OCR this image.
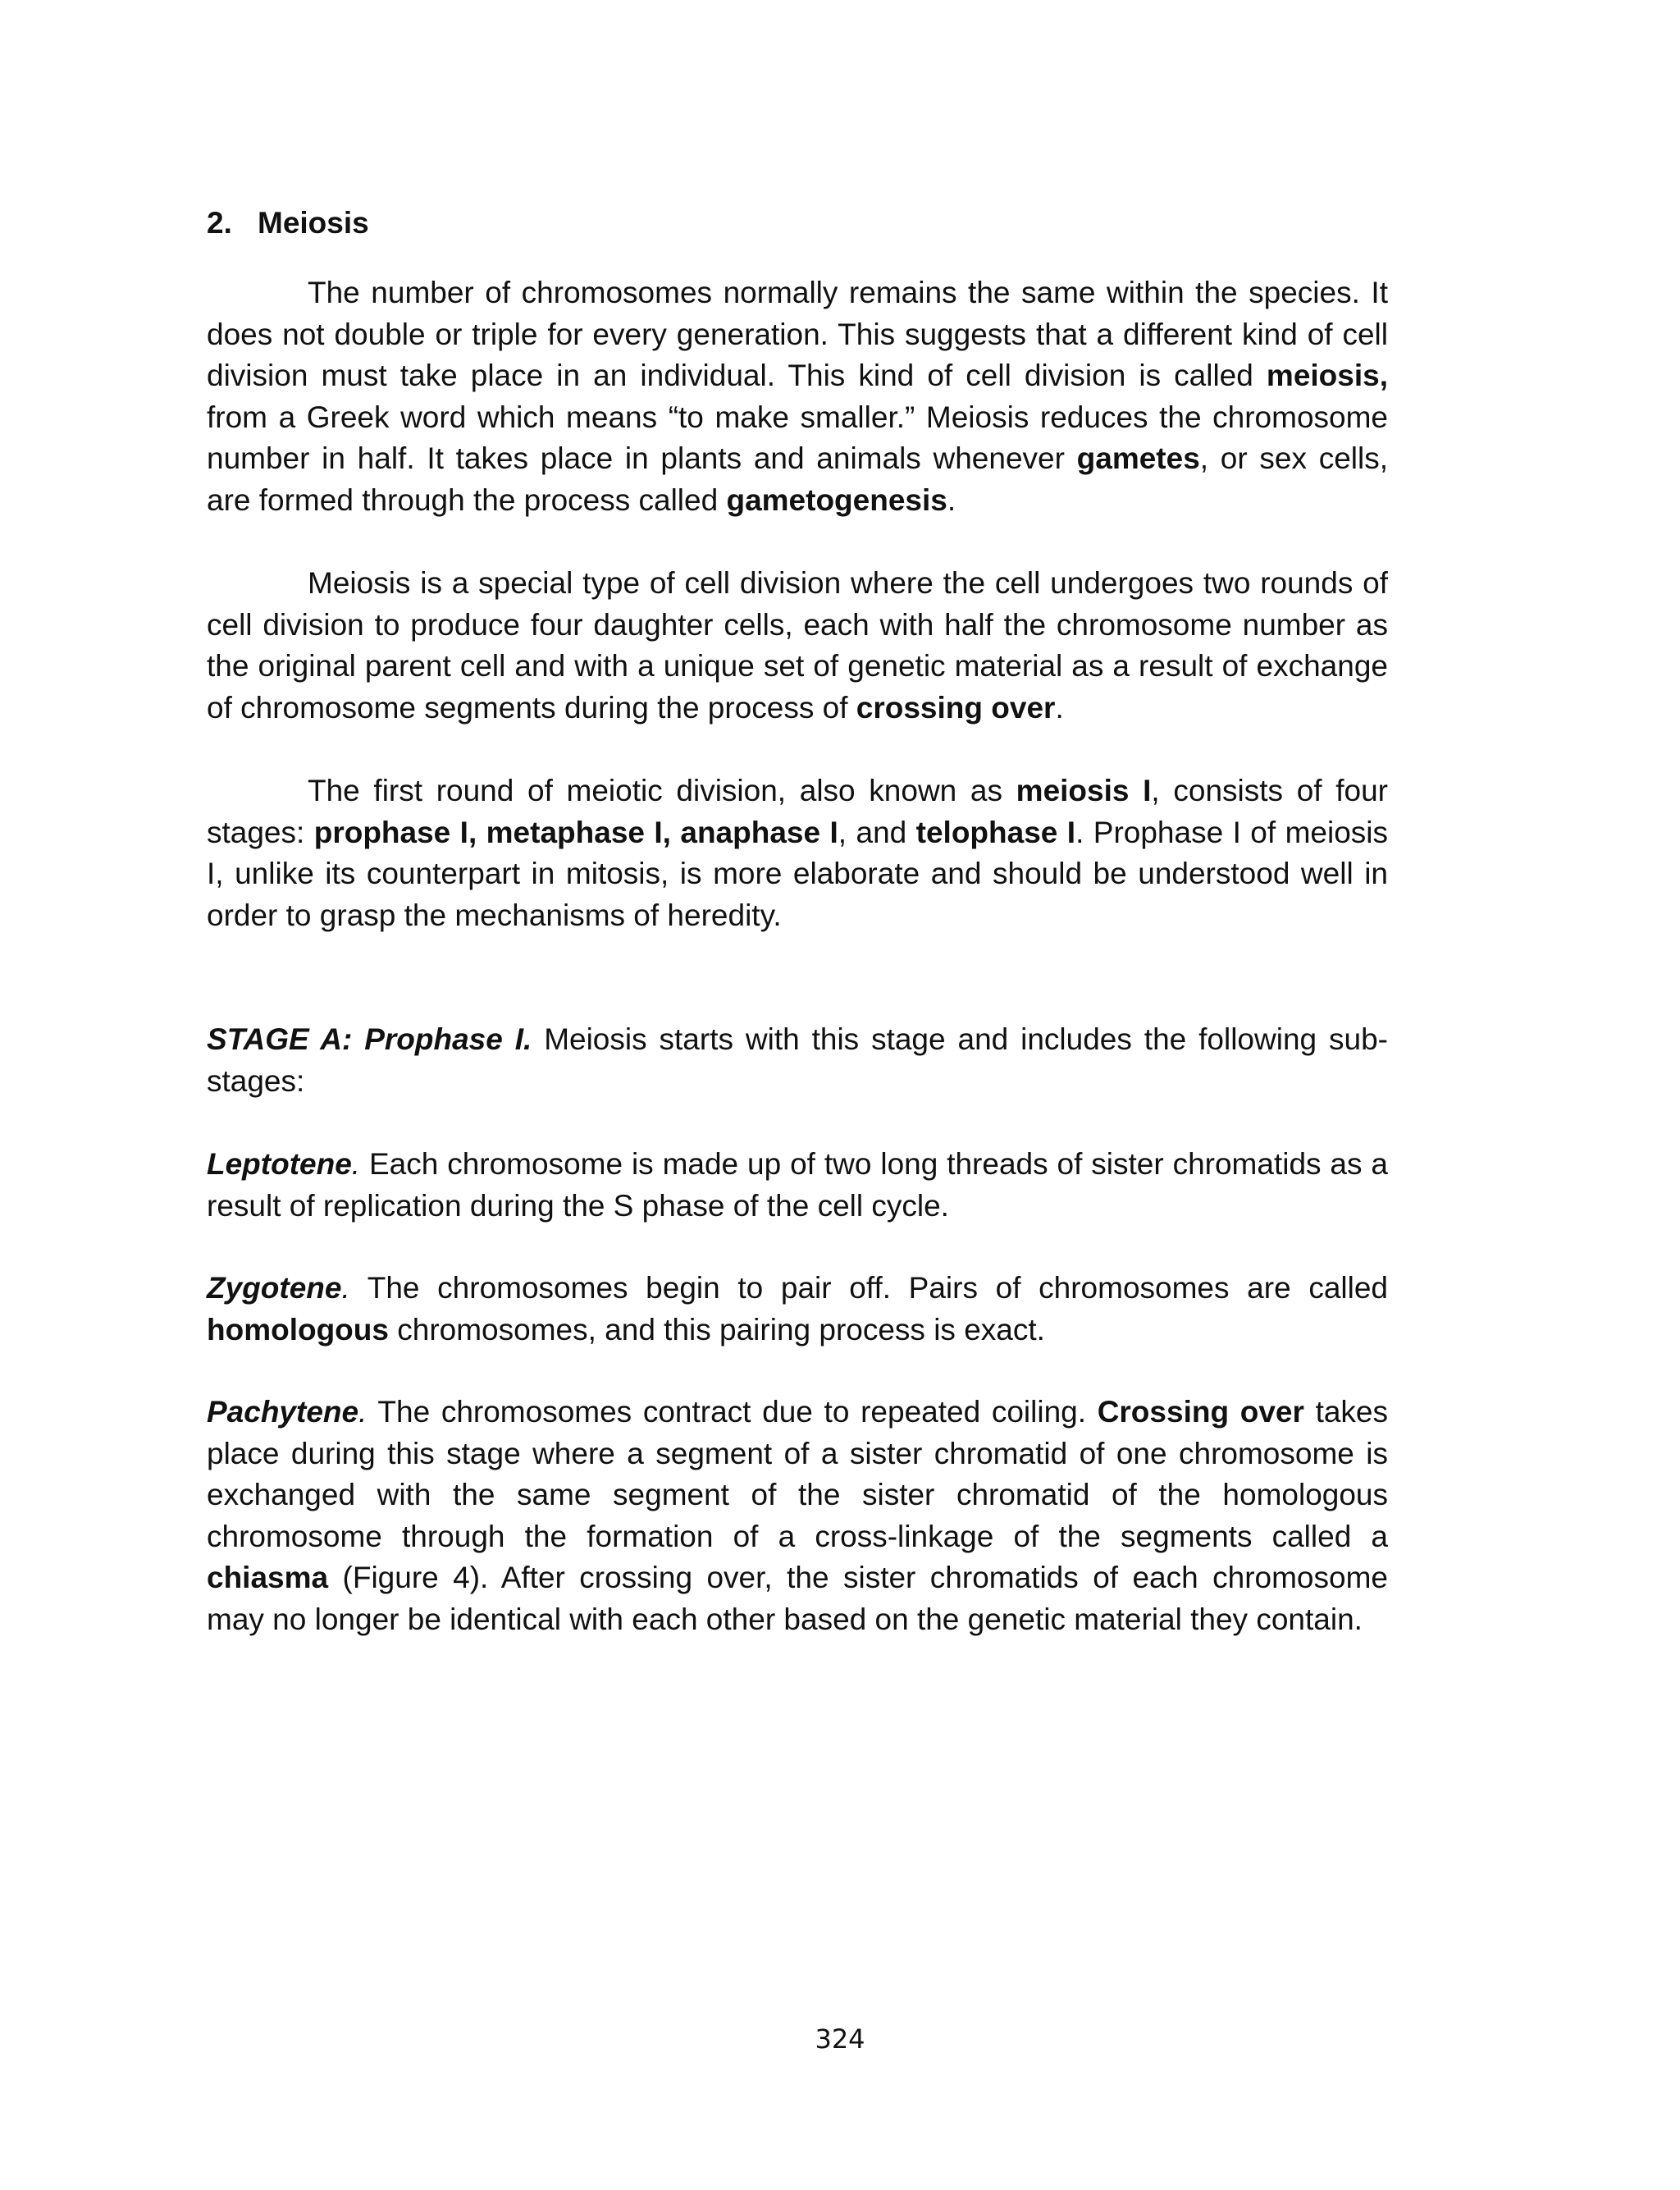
2. Meiosis

The number of chromosomes normally remains the same within the species. It does not double or triple for every generation. This suggests that a different kind of cell division must take place in an individual. This kind of cell division is called meiosis, from a Greek word which means “to make smaller.” Meiosis reduces the chromosome number in half. It takes place in plants and animals whenever gametes, or sex cells, are formed through the process called gametogenesis.

Meiosis is a special type of cell division where the cell undergoes two rounds of cell division to produce four daughter cells, each with half the chromosome number as the original parent cell and with a unique set of genetic material as a result of exchange of chromosome segments during the process of crossing over.

The first round of meiotic division, also known as meiosis I, consists of four stages: prophase I, metaphase I, anaphase I, and telophase I. Prophase I of meiosis I, unlike its counterpart in mitosis, is more elaborate and should be understood well in order to grasp the mechanisms of heredity.

STAGE A: Prophase I. Meiosis starts with this stage and includes the following sub-stages:

Leptotene. Each chromosome is made up of two long threads of sister chromatids as a result of replication during the S phase of the cell cycle.

Zygotene. The chromosomes begin to pair off. Pairs of chromosomes are called homologous chromosomes, and this pairing process is exact.

Pachytene. The chromosomes contract due to repeated coiling. Crossing over takes place during this stage where a segment of a sister chromatid of one chromosome is exchanged with the same segment of the sister chromatid of the homologous chromosome through the formation of a cross-linkage of the segments called a chiasma (Figure 4). After crossing over, the sister chromatids of each chromosome may no longer be identical with each other based on the genetic material they contain.

324
